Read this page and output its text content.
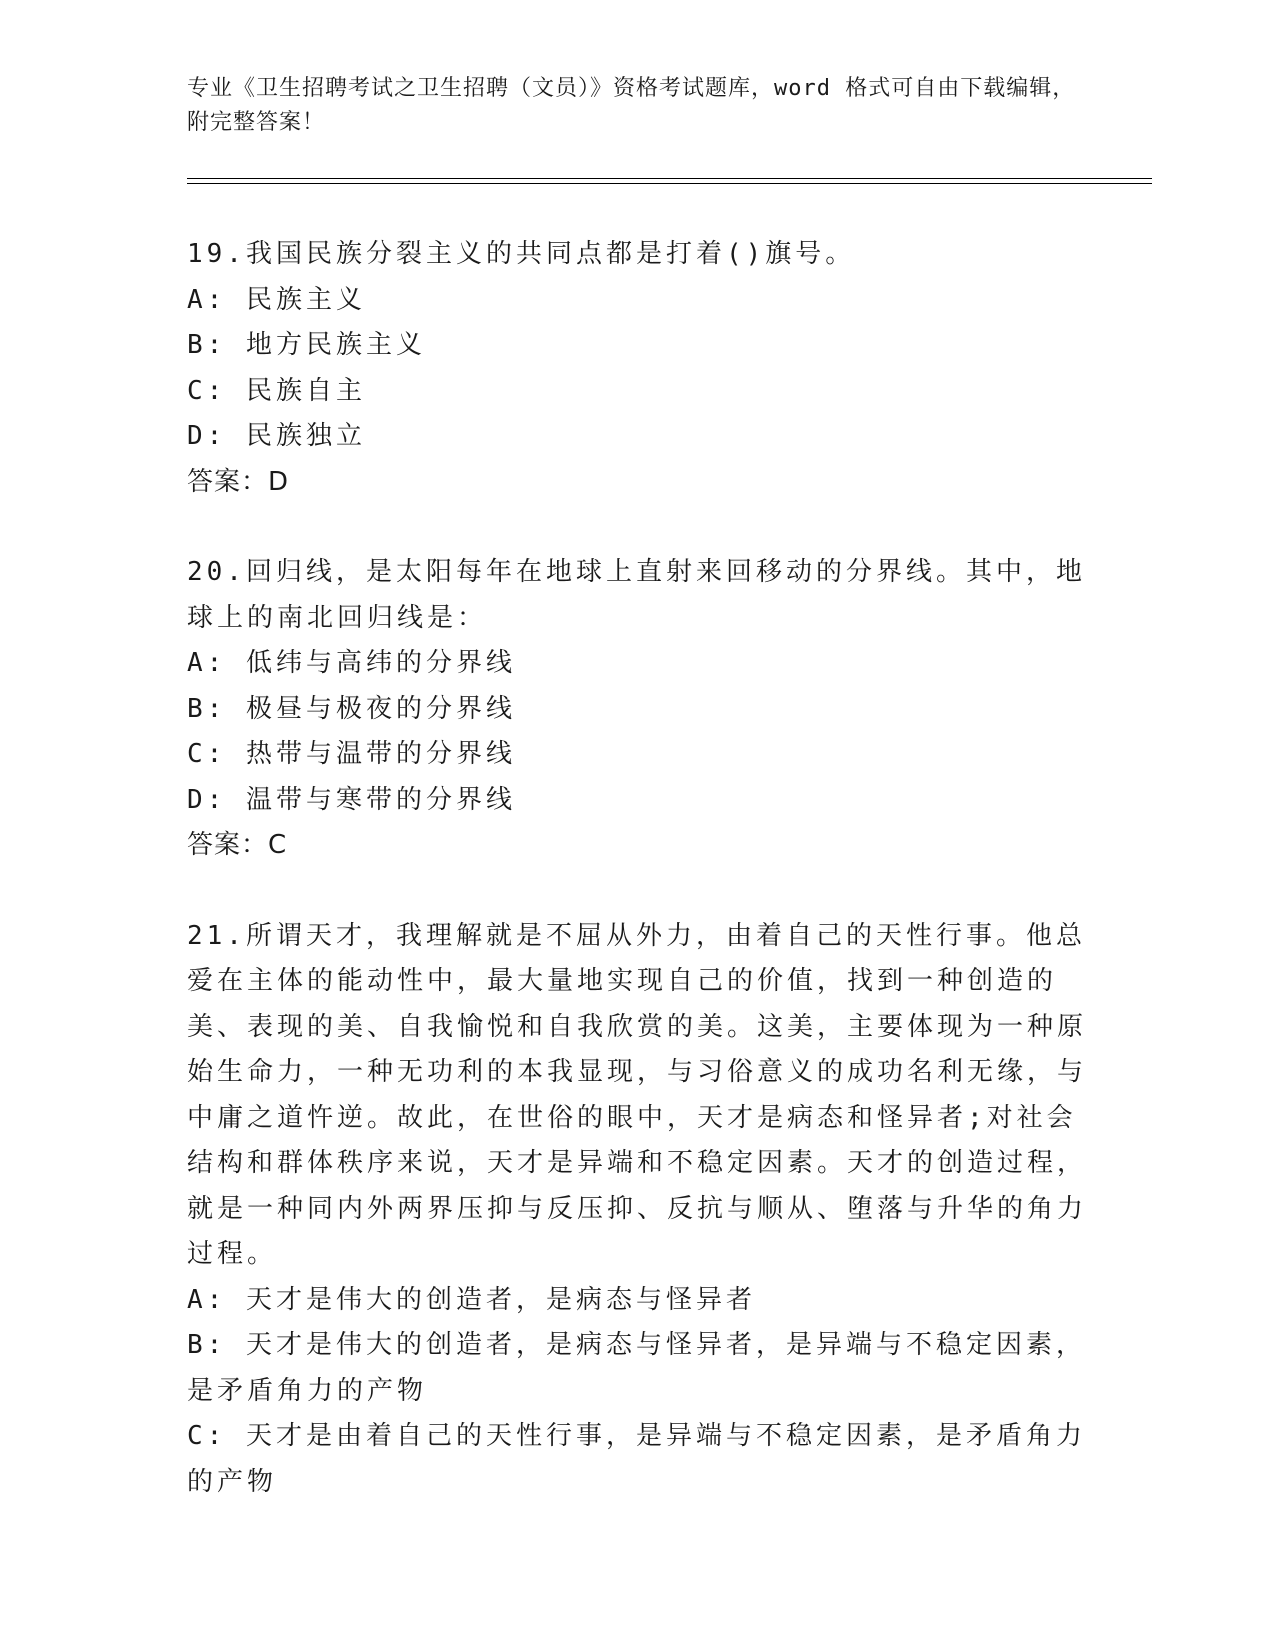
专业《卫生招聘考试之卫生招聘（文员）》资格考试题库，word 格式可自由下载编辑，附完整答案！

19.我国民族分裂主义的共同点都是打着()旗号。

A: 民族主义

B: 地方民族主义

C: 民族自主

D: 民族独立

答案：D

20.回归线，是太阳每年在地球上直射来回移动的分界线。其中，地球上的南北回归线是：

A: 低纬与高纬的分界线

B: 极昼与极夜的分界线

C: 热带与温带的分界线

D: 温带与寒带的分界线

答案：C

21.所谓天才，我理解就是不屈从外力，由着自己的天性行事。他总爱在主体的能动性中，最大量地实现自己的价值，找到一种创造的美、表现的美、自我愉悦和自我欣赏的美。这美，主要体现为一种原始生命力，一种无功利的本我显现，与习俗意义的成功名利无缘，与中庸之道忤逆。故此，在世俗的眼中，天才是病态和怪异者;对社会结构和群体秩序来说，天才是异端和不稳定因素。天才的创造过程，就是一种同内外两界压抑与反压抑、反抗与顺从、堕落与升华的角力过程。

A: 天才是伟大的创造者，是病态与怪异者

B: 天才是伟大的创造者，是病态与怪异者，是异端与不稳定因素，是矛盾角力的产物

C: 天才是由着自己的天性行事，是异端与不稳定因素，是矛盾角力的产物
